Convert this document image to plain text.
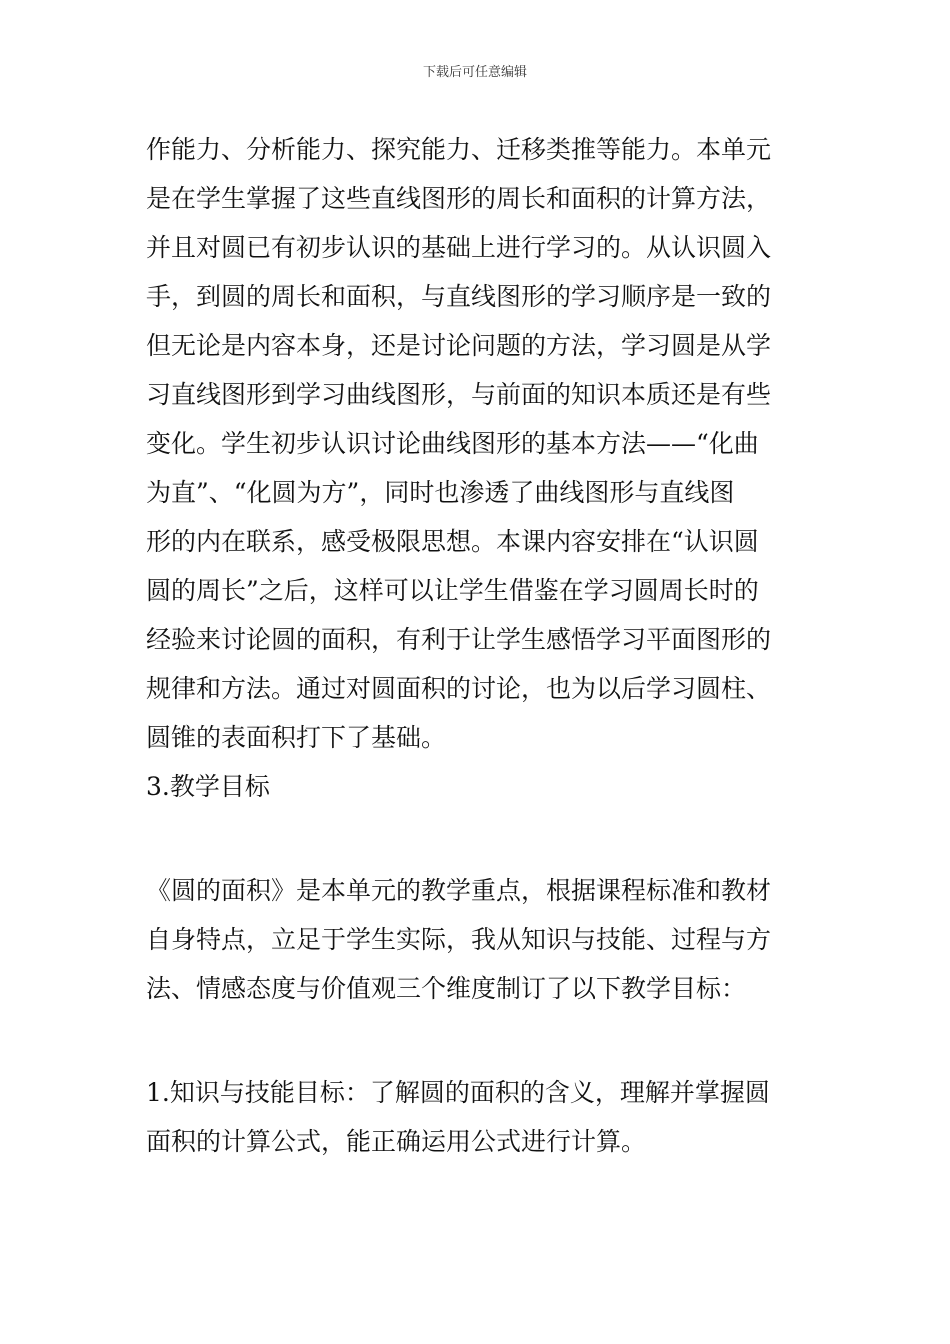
下载后可任意编辑
作能力、分析能力、探究能力、迁移类推等能力。本单元
是在学生掌握了这些直线图形的周长和面积的计算方法，
并且对圆已有初步认识的基础上进行学习的。从认识圆入
手，到圆的周长和面积，与直线图形的学习顺序是一致的
但无论是内容本身，还是讨论问题的方法，学习圆是从学
习直线图形到学习曲线图形，与前面的知识本质还是有些
变化。学生初步认识讨论曲线图形的基本方法——“化曲
为直”、“化圆为方”，同时也渗透了曲线图形与直线图
形的内在联系，感受极限思想。本课内容安排在“认识圆
圆的周长”之后，这样可以让学生借鉴在学习圆周长时的
经验来讨论圆的面积，有利于让学生感悟学习平面图形的
规律和方法。通过对圆面积的讨论，也为以后学习圆柱、
圆锥的表面积打下了基础。
3.教学目标
《圆的面积》是本单元的教学重点，根据课程标准和教材
自身特点，立足于学生实际，我从知识与技能、过程与方
法、情感态度与价值观三个维度制订了以下教学目标：
1.知识与技能目标：了解圆的面积的含义，理解并掌握圆
面积的计算公式，能正确运用公式进行计算。
